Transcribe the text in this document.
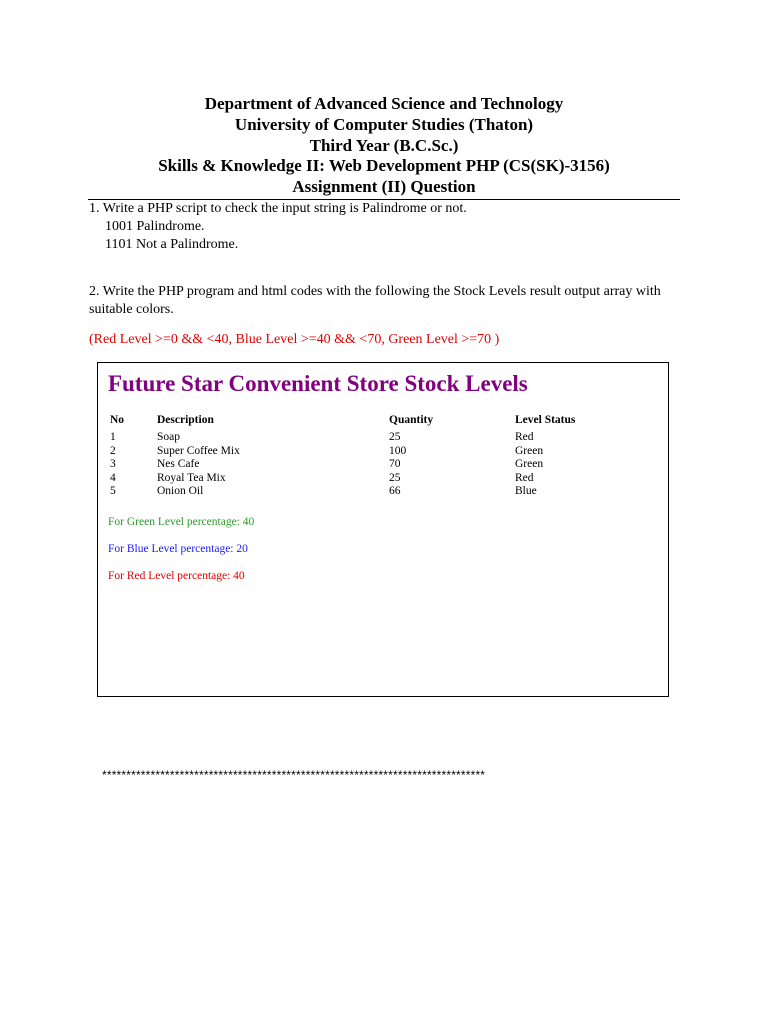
Department of Advanced Science and Technology
University of Computer Studies (Thaton)
Third Year (B.C.Sc.)
Skills & Knowledge II: Web Development PHP (CS(SK)-3156)
Assignment (II) Question
1. Write a PHP script to check the input string is Palindrome or not.
1001 Palindrome.
1101 Not a Palindrome.
2. Write the PHP program and html codes with the following the Stock Levels result output array with suitable colors.
(Red Level >=0 && <40, Blue Level >=40 && <70, Green Level >=70 )
Future Star Convenient Store Stock Levels
No	Description	Quantity	Level Status
1	Soap	25	Red
2	Super Coffee Mix	100	Green
3	Nes Cafe	70	Green
4	Royal Tea Mix	25	Red
5	Onion Oil	66	Blue
For Green Level percentage: 40
For Blue Level percentage: 20
For Red Level percentage: 40
*******************************************************************************
